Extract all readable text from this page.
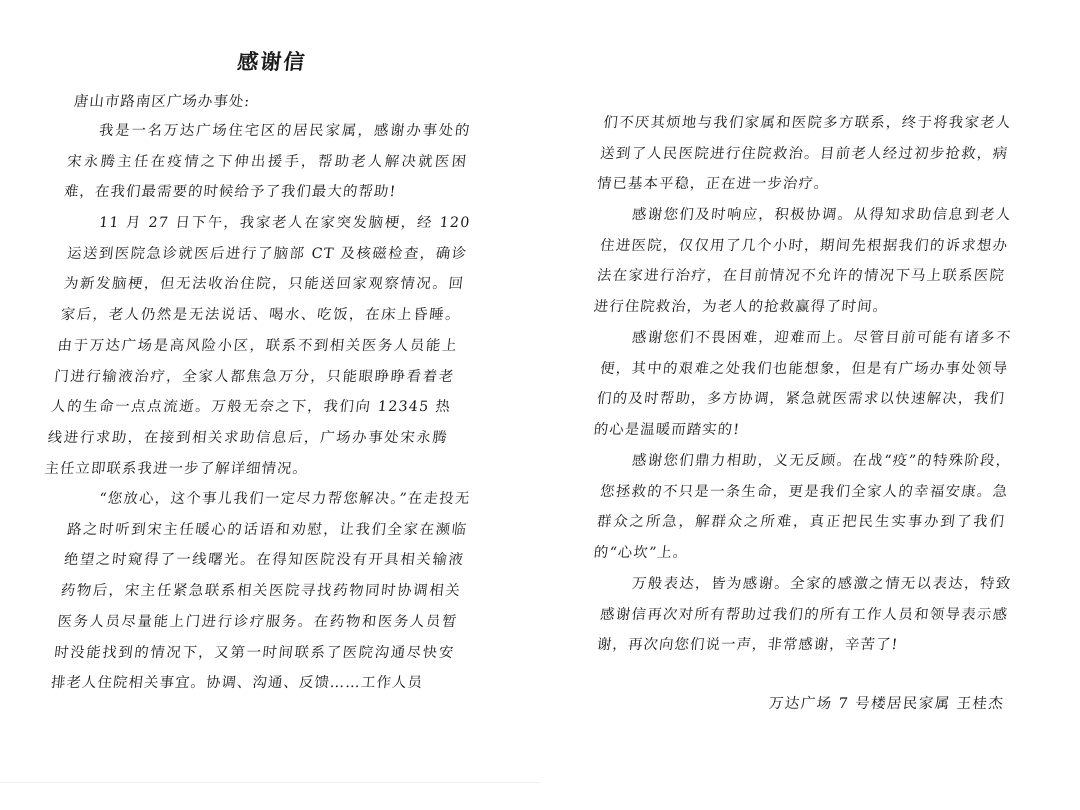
感谢信
唐山市路南区广场办事处:

我是一名万达广场住宅区的居民家属，感谢办事处的宋永腾主任在疫情之下伸出援手，帮助老人解决就医困难，在我们最需要的时候给予了我们最大的帮助!

11 月 27 日下午，我家老人在家突发脑梗，经 120 运送到医院急诊就医后进行了脑部 CT 及核磁检查，确诊为新发脑梗，但无法收治住院，只能送回家观察情况。回家后，老人仍然是无法说话、喝水、吃饭，在床上昏睡。由于万达广场是高风险小区，联系不到相关医务人员能上门进行输液治疗，全家人都焦急万分，只能眼睁睁看着老人的生命一点点流逝。万般无奈之下，我们向 12345 热线进行求助，在接到相关求助信息后，广场办事处宋永腾主任立即联系我进一步了解详细情况。

“您放心，这个事儿我们一定尽力帮您解决。”在走投无路之时听到宋主任暖心的话语和劝慰，让我们全家在濒临绝望之时窥得了一线曙光。在得知医院没有开具相关输液药物后，宋主任紧急联系相关医院寻找药物同时协调相关医务人员尽量能上门进行诊疗服务。在药物和医务人员暂时没能找到的情况下，又第一时间联系了医院沟通尽快安排老人住院相关事宜。协调、沟通、反馈……工作人员

们不厌其烦地与我们家属和医院多方联系，终于将我家老人送到了人民医院进行住院救治。目前老人经过初步抢救，病情已基本平稳，正在进一步治疗。

感谢您们及时响应，积极协调。从得知求助信息到老人住进医院，仅仅用了几个小时，期间先根据我们的诉求想办法在家进行治疗，在目前情况不允许的情况下马上联系医院进行住院救治，为老人的抢救赢得了时间。

感谢您们不畏困难，迎难而上。尽管目前可能有诸多不便，其中的艰难之处我们也能想象，但是有广场办事处领导们的及时帮助，多方协调，紧急就医需求以快速解决，我们的心是温暖而踏实的!

感谢您们鼎力相助，义无反顾。在战“疫”的特殊阶段，您拯救的不只是一条生命，更是我们全家人的幸福安康。急群众之所急，解群众之所难，真正把民生实事办到了我们的“心坎”上。

万般表达，皆为感谢。全家的感激之情无以表达，特致感谢信再次对所有帮助过我们的所有工作人员和领导表示感谢，再次向您们说一声，非常感谢，辛苦了!

万达广场 7 号楼居民家属 王桂杰
